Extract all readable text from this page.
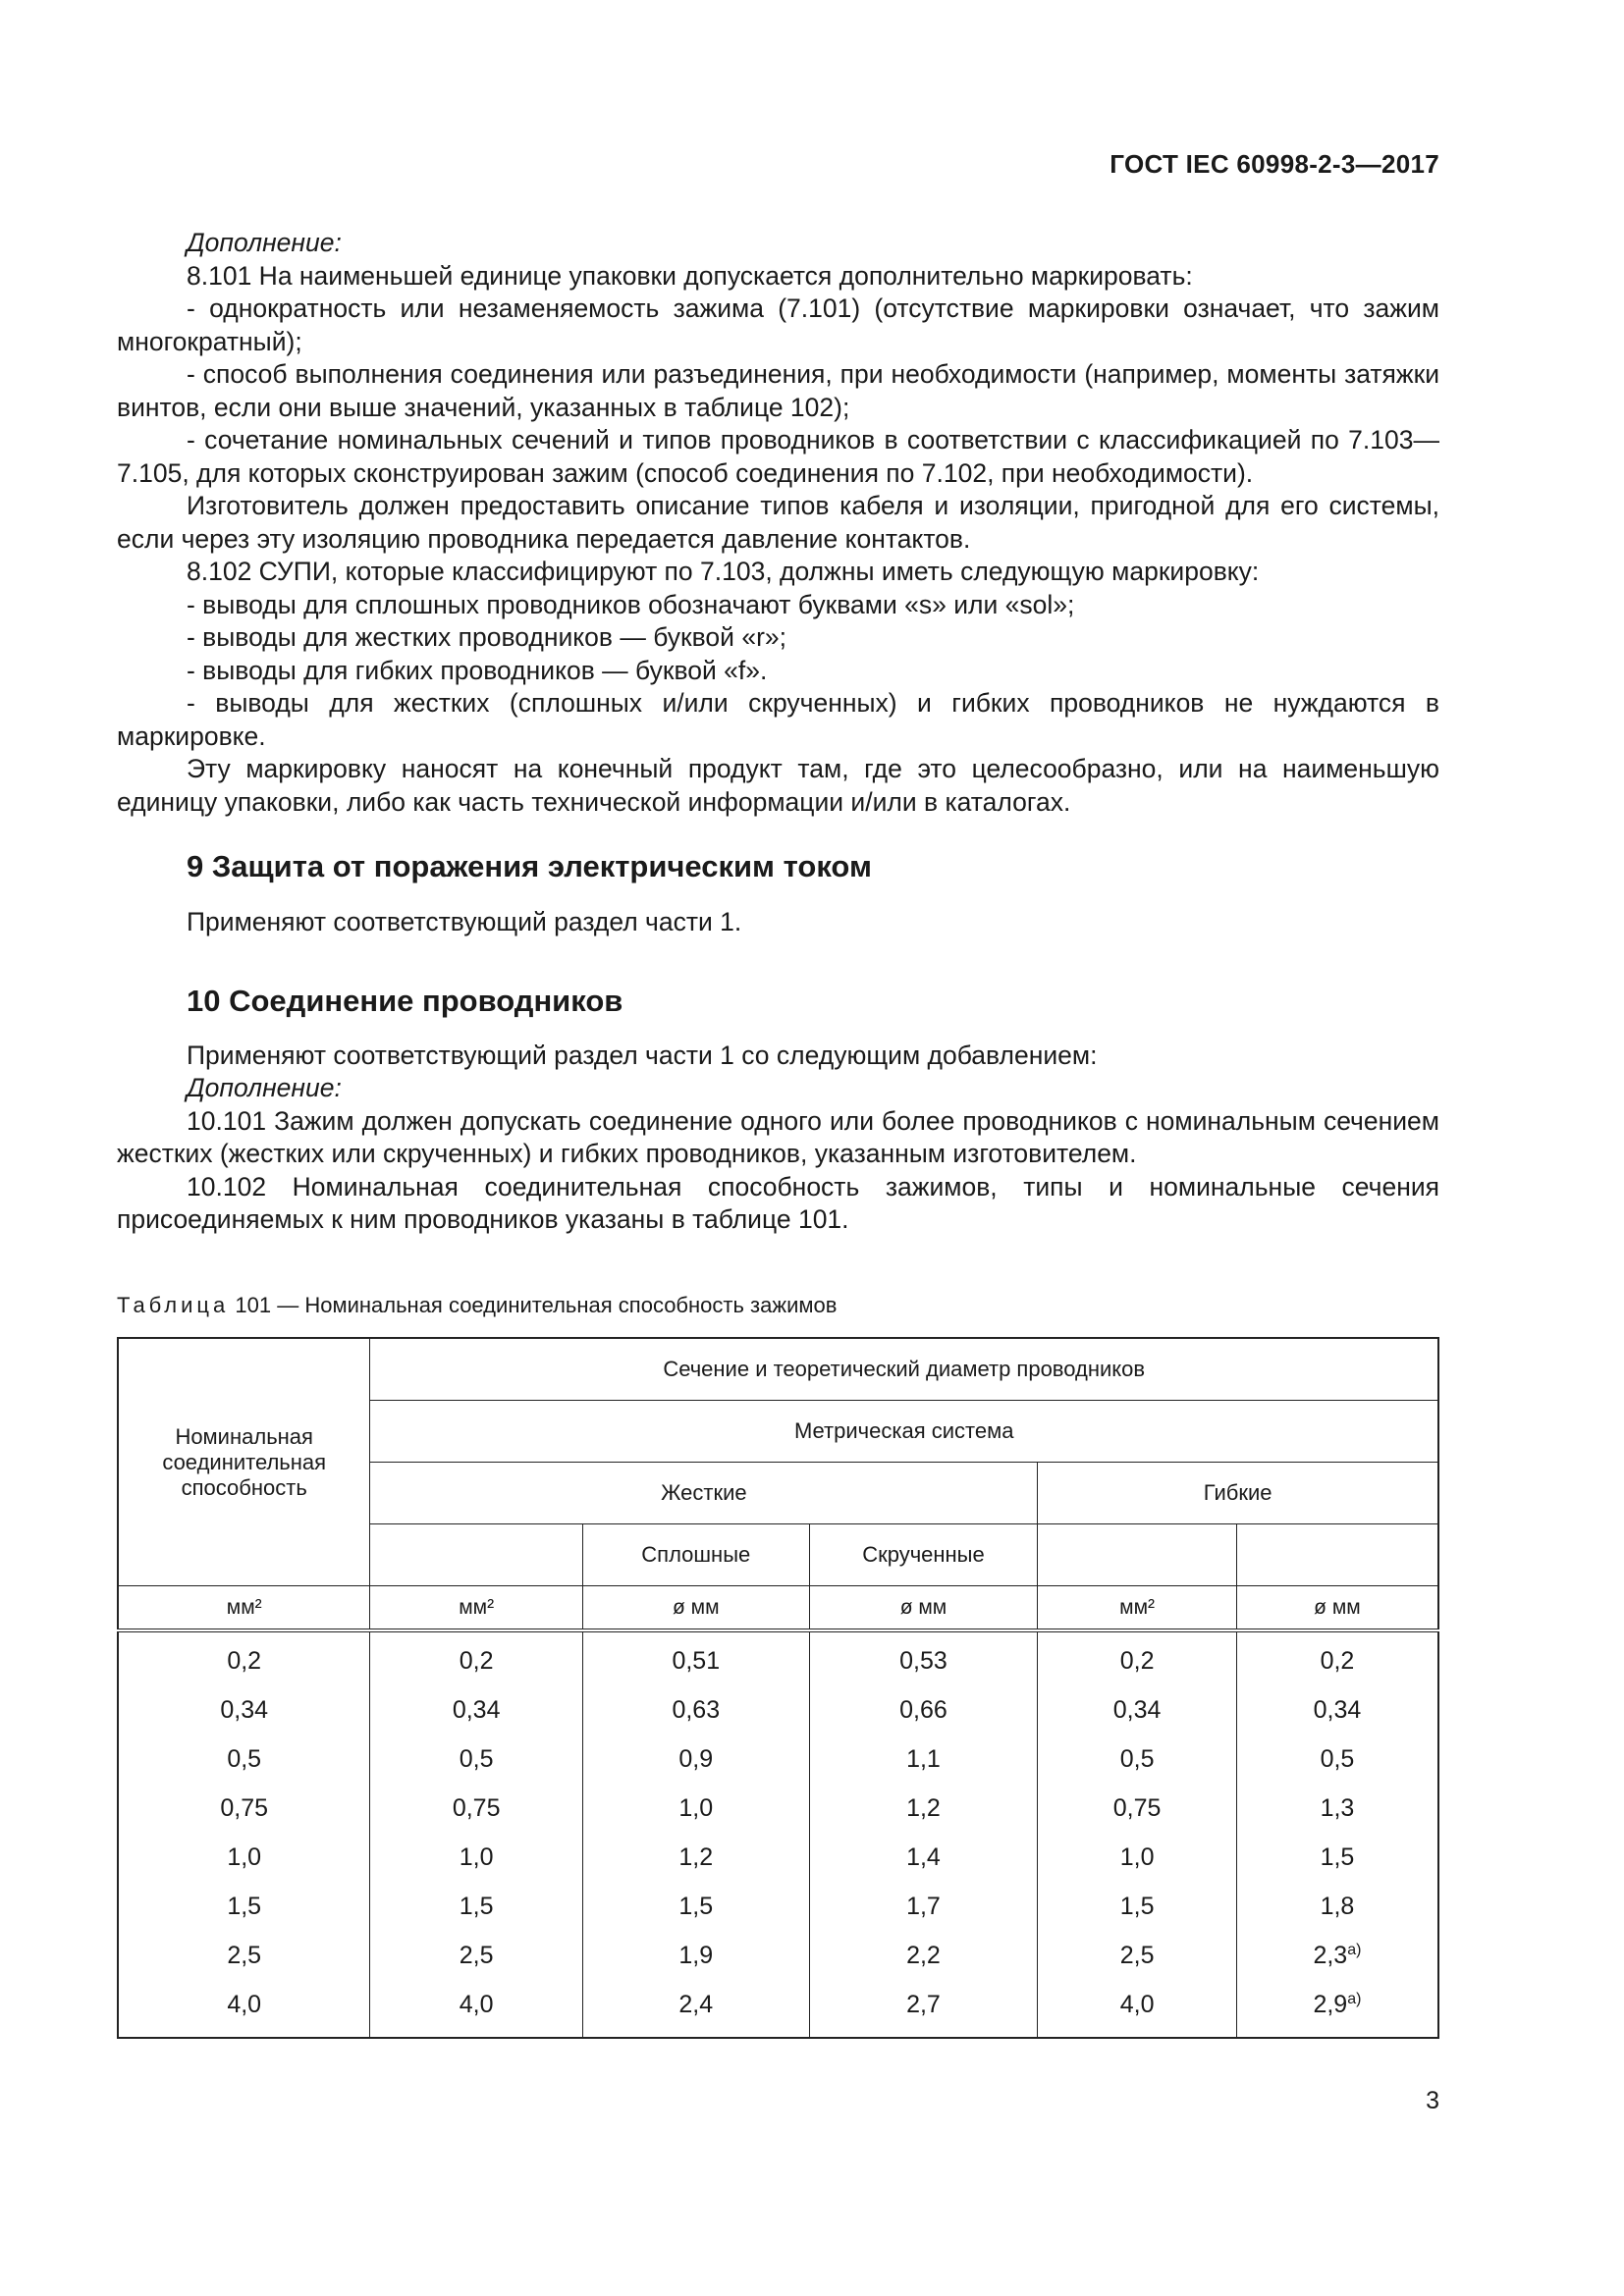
ГОСТ IEC 60998-2-3—2017

Дополнение:

8.101 На наименьшей единице упаковки допускается дополнительно маркировать:

- однократность или незаменяемость зажима (7.101) (отсутствие маркировки означает, что зажим многократный);

- способ выполнения соединения или разъединения, при необходимости (например, моменты затяжки винтов, если они выше значений, указанных в таблице 102);

- сочетание номинальных сечений и типов проводников в соответствии с классификацией по 7.103—7.105, для которых сконструирован зажим (способ соединения по 7.102, при необходимости).

Изготовитель должен предоставить описание типов кабеля и изоляции, пригодной для его системы, если через эту изоляцию проводника передается давление контактов.

8.102 СУПИ, которые классифицируют по 7.103, должны иметь следующую маркировку:

- выводы для сплошных проводников обозначают буквами «s» или «sol»;

- выводы для жестких проводников — буквой «r»;

- выводы для гибких проводников — буквой «f».

- выводы для жестких (сплошных и/или скрученных) и гибких проводников не нуждаются в маркировке.

Эту маркировку наносят на конечный продукт там, где это целесообразно, или на наименьшую единицу упаковки, либо как часть технической информации и/или в каталогах.

9 Защита от поражения электрическим током

Применяют соответствующий раздел части 1.

10 Соединение проводников

Применяют соответствующий раздел части 1 со следующим добавлением:

Дополнение:

10.101 Зажим должен допускать соединение одного или более проводников с номинальным сечением жестких (жестких или скрученных) и гибких проводников, указанным изготовителем.

10.102 Номинальная соединительная способность зажимов, типы и номинальные сечения присоединяемых к ним проводников указаны в таблице 101.

Таблица 101 — Номинальная соединительная способность зажимов
Номинальная соединительная способность	Сечение и теоретический диаметр проводников				
	Метрическая система				
	Жесткие			Гибкие	
		Сплошные	Скрученные		
мм²	мм²	ø мм	ø мм	мм²	ø мм
0,2	0,2	0,51	0,53	0,2	0,2
0,34	0,34	0,63	0,66	0,34	0,34
0,5	0,5	0,9	1,1	0,5	0,5
0,75	0,75	1,0	1,2	0,75	1,3
1,0	1,0	1,2	1,4	1,0	1,5
1,5	1,5	1,5	1,7	1,5	1,8
2,5	2,5	1,9	2,2	2,5	2,3$^{а)}$
4,0	4,0	2,4	2,7	4,0	2,9$^{а)}$
3
